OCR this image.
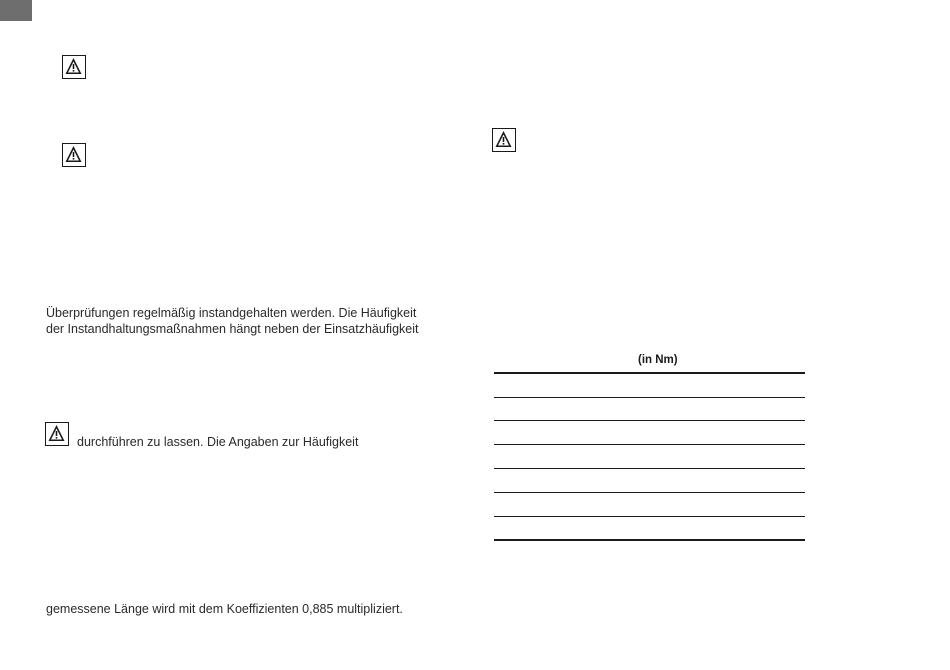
Überprüfungen regelmäßig instandgehalten werden. Die Häufigkeit
der Instandhaltungsmaßnahmen hängt neben der Einsatzhäufigkeit
durchführen zu lassen. Die Angaben zur Häufigkeit
gemessene Länge wird mit dem Koeffizienten 0,885 multipliziert.
(in Nm)
